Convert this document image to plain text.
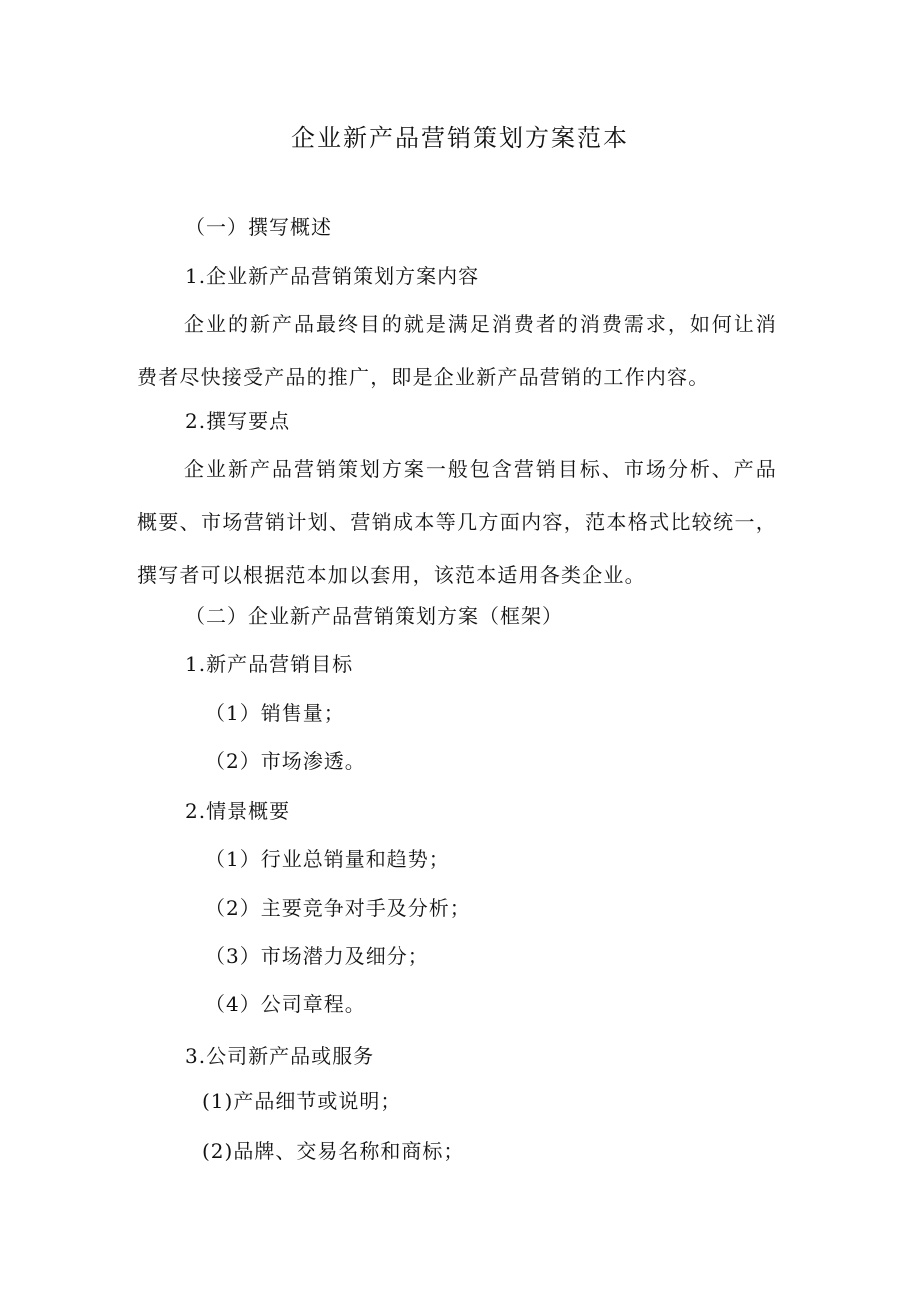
企业新产品营销策划方案范本
（一）撰写概述
1.企业新产品营销策划方案内容
企业的新产品最终目的就是满足消费者的消费需求，如何让消费者尽快接受产品的推广，即是企业新产品营销的工作内容。
2.撰写要点
企业新产品营销策划方案一般包含营销目标、市场分析、产品概要、市场营销计划、营销成本等几方面内容，范本格式比较统一，撰写者可以根据范本加以套用，该范本适用各类企业。
（二）企业新产品营销策划方案（框架）
1.新产品营销目标
（1）销售量；
（2）市场渗透。
2.情景概要
（1）行业总销量和趋势；
（2）主要竞争对手及分析；
（3）市场潜力及细分；
（4）公司章程。
3.公司新产品或服务
(1)产品细节或说明；
(2)品牌、交易名称和商标；
